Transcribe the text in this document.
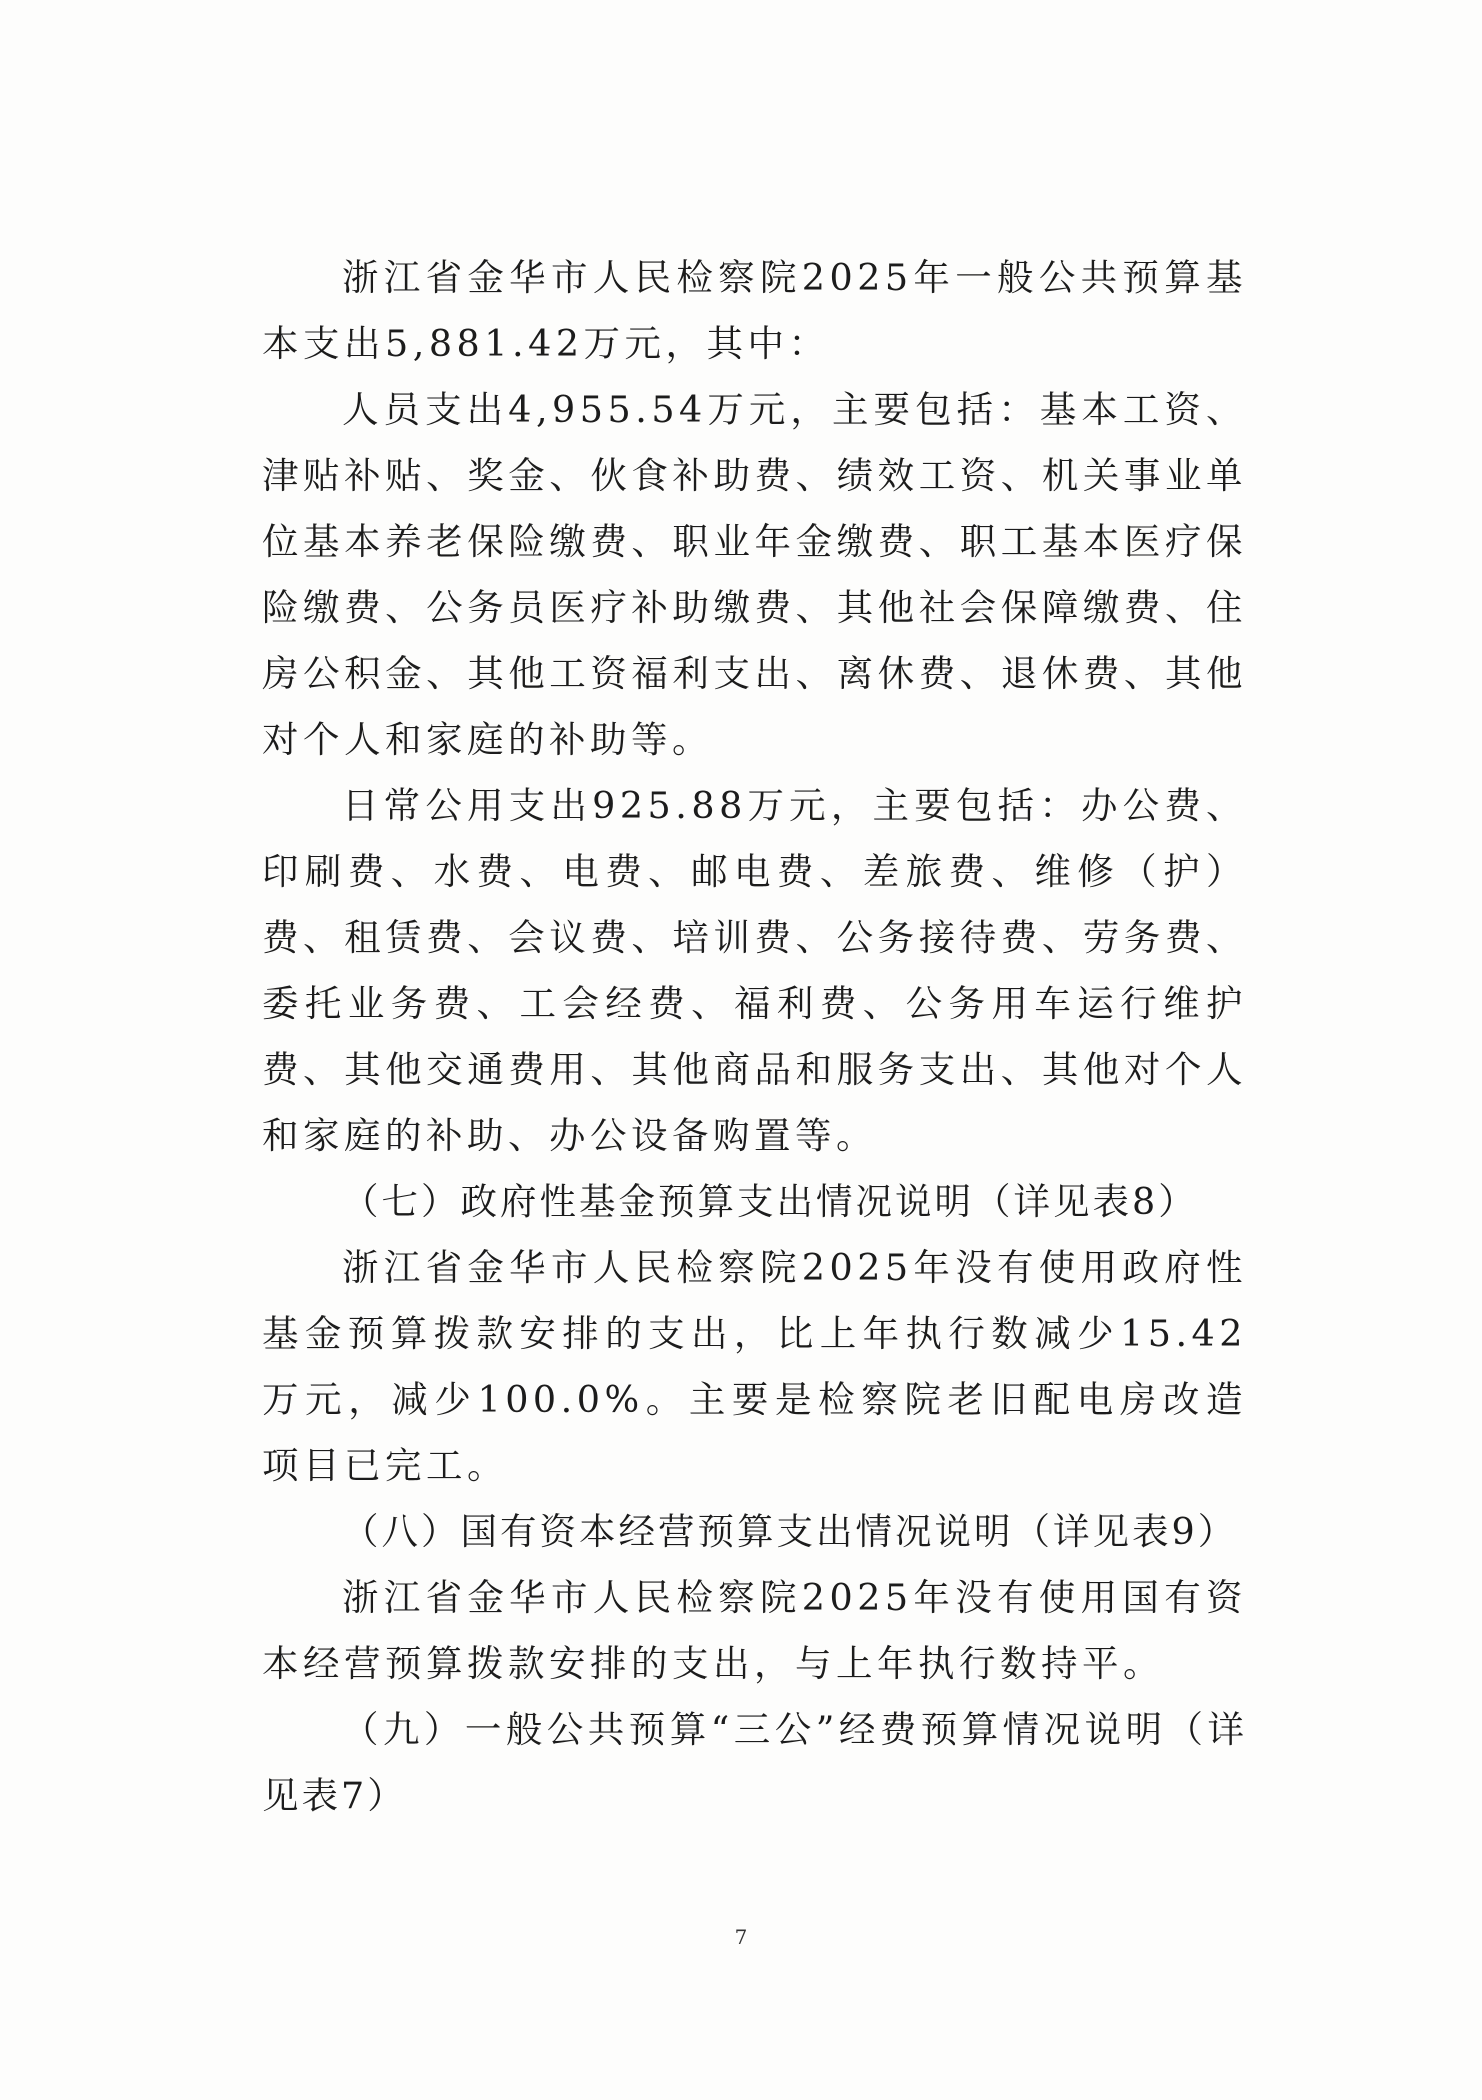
浙江省金华市人民检察院2025年一般公共预算基本支出5,881.42万元，其中：

人员支出4,955.54万元，主要包括：基本工资、津贴补贴、奖金、伙食补助费、绩效工资、机关事业单位基本养老保险缴费、职业年金缴费、职工基本医疗保险缴费、公务员医疗补助缴费、其他社会保障缴费、住房公积金、其他工资福利支出、离休费、退休费、其他对个人和家庭的补助等。

日常公用支出925.88万元，主要包括：办公费、印刷费、水费、电费、邮电费、差旅费、维修（护）费、租赁费、会议费、培训费、公务接待费、劳务费、委托业务费、工会经费、福利费、公务用车运行维护费、其他交通费用、其他商品和服务支出、其他对个人和家庭的补助、办公设备购置等。

（七）政府性基金预算支出情况说明（详见表8）

浙江省金华市人民检察院2025年没有使用政府性基金预算拨款安排的支出，比上年执行数减少15.42万元，减少100.0%。主要是检察院老旧配电房改造项目已完工。

（八）国有资本经营预算支出情况说明（详见表9）

浙江省金华市人民检察院2025年没有使用国有资本经营预算拨款安排的支出，与上年执行数持平。

（九）一般公共预算“三公”经费预算情况说明（详见表7）

7
